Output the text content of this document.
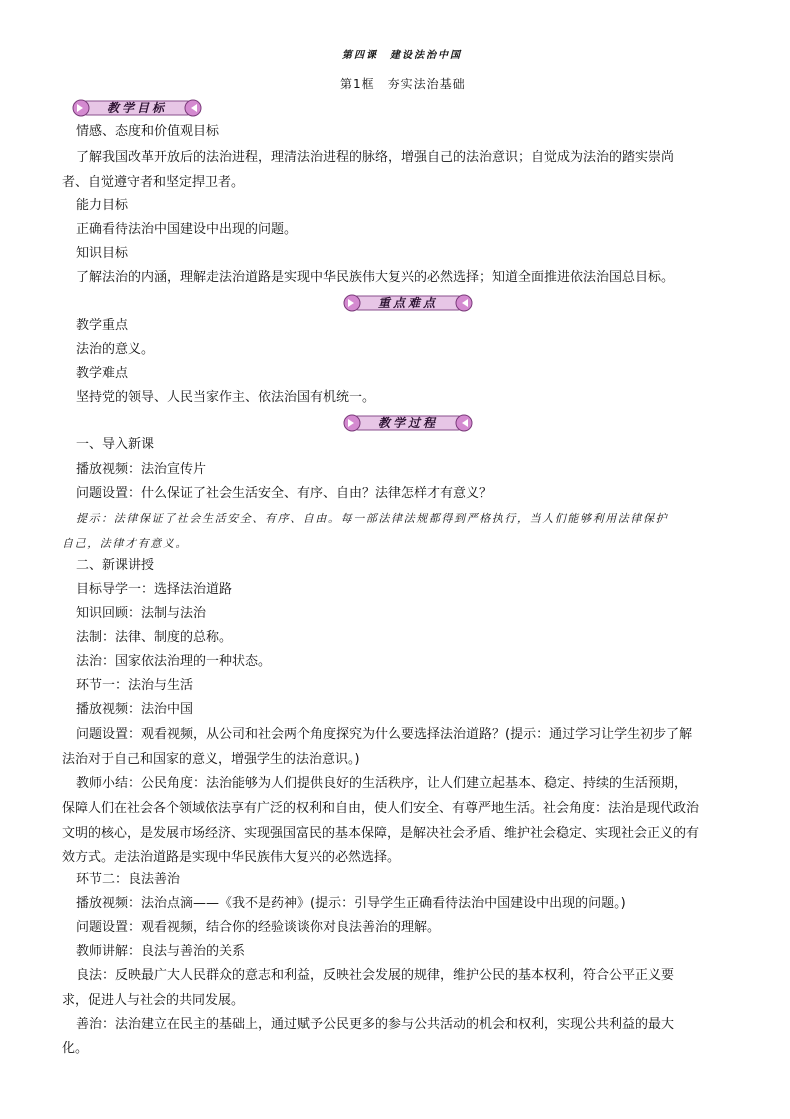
第四课　建设法治中国
第1框　夯实法治基础
教学目标
情感、态度和价值观目标
了解我国改革开放后的法治进程，理清法治进程的脉络，增强自己的法治意识；自觉成为法治的踏实崇尚
者、自觉遵守者和坚定捍卫者。
能力目标
正确看待法治中国建设中出现的问题。
知识目标
了解法治的内涵，理解走法治道路是实现中华民族伟大复兴的必然选择；知道全面推进依法治国总目标。
重点难点
教学重点
法治的意义。
教学难点
坚持党的领导、人民当家作主、依法治国有机统一。
教学过程
一、导入新课
播放视频：法治宣传片
问题设置：什么保证了社会生活安全、有序、自由？法律怎样才有意义？
提示：法律保证了社会生活安全、有序、自由。每一部法律法规都得到严格执行，当人们能够利用法律保护
自己，法律才有意义。
二、新课讲授
目标导学一：选择法治道路
知识回顾：法制与法治
法制：法律、制度的总称。
法治：国家依法治理的一种状态。
环节一：法治与生活
播放视频：法治中国
问题设置：观看视频，从公司和社会两个角度探究为什么要选择法治道路？(提示：通过学习让学生初步了解
法治对于自己和国家的意义，增强学生的法治意识。)
教师小结：公民角度：法治能够为人们提供良好的生活秩序，让人们建立起基本、稳定、持续的生活预期，
保障人们在社会各个领域依法享有广泛的权利和自由，使人们安全、有尊严地生活。社会角度：法治是现代政治
文明的核心，是发展市场经济、实现强国富民的基本保障，是解决社会矛盾、维护社会稳定、实现社会正义的有
效方式。走法治道路是实现中华民族伟大复兴的必然选择。
环节二：良法善治
播放视频：法治点滴——《我不是药神》(提示：引导学生正确看待法治中国建设中出现的问题。)
问题设置：观看视频，结合你的经验谈谈你对良法善治的理解。
教师讲解：良法与善治的关系
良法：反映最广大人民群众的意志和利益，反映社会发展的规律，维护公民的基本权利，符合公平正义要
求，促进人与社会的共同发展。
善治：法治建立在民主的基础上，通过赋予公民更多的参与公共活动的机会和权利，实现公共利益的最大
化。
